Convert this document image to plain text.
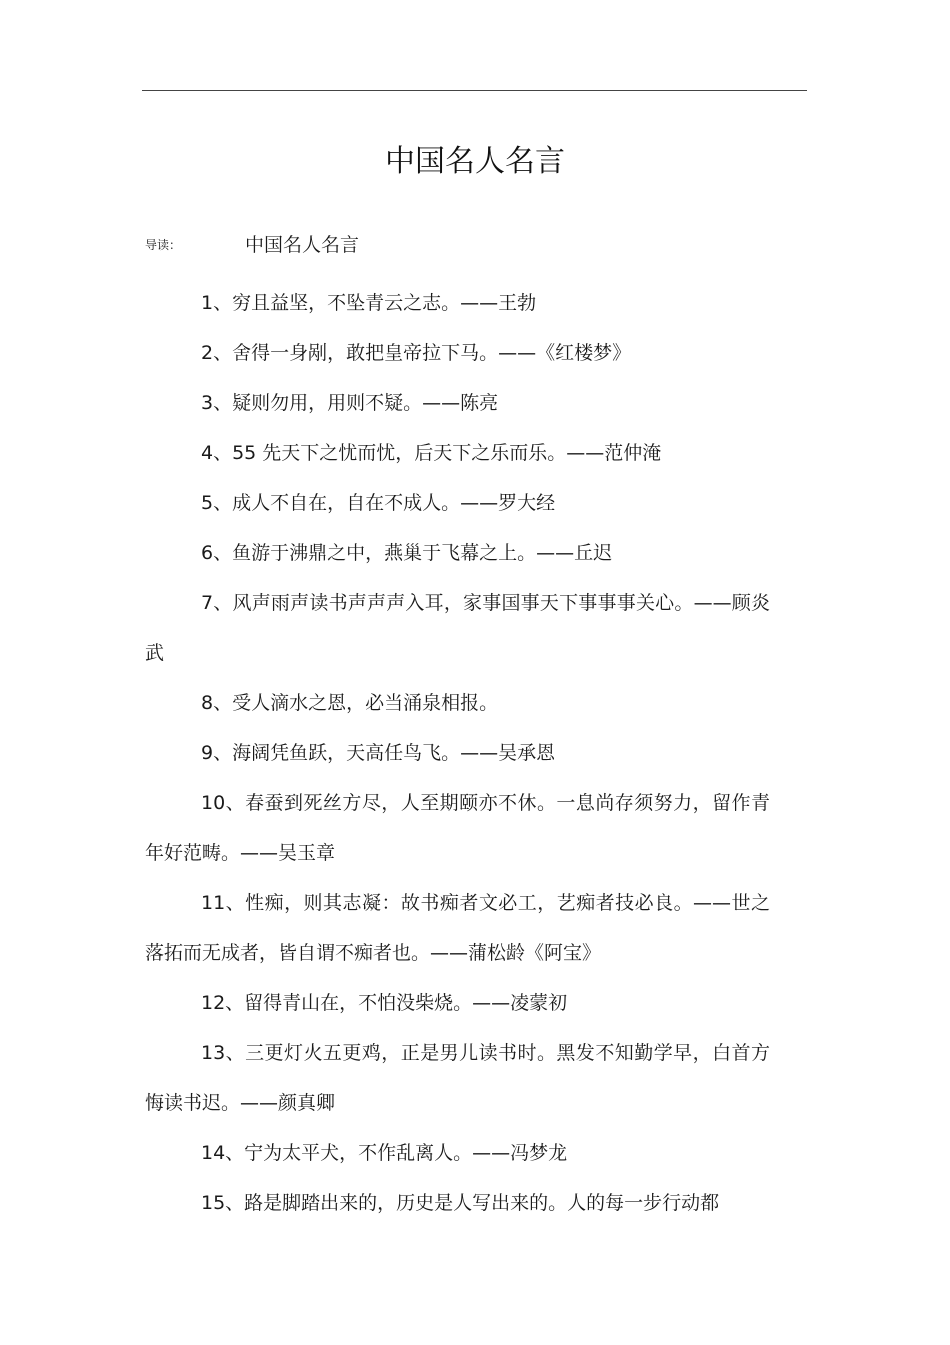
中国名人名言
导读：	中国名人名言

1、穷且益坚，不坠青云之志。——王勃

2、舍得一身剐，敢把皇帝拉下马。——《红楼梦》

3、疑则勿用，用则不疑。——陈亮

4、55 先天下之忧而忧，后天下之乐而乐。——范仲淹

5、成人不自在，自在不成人。——罗大经

6、鱼游于沸鼎之中，燕巢于飞幕之上。——丘迟

7、风声雨声读书声声声入耳，家事国事天下事事事关心。——顾炎武

8、受人滴水之恩，必当涌泉相报。

9、海阔凭鱼跃，天高任鸟飞。——吴承恩

10、春蚕到死丝方尽，人至期颐亦不休。一息尚存须努力，留作青年好范畴。——吴玉章

11、性痴，则其志凝：故书痴者文必工，艺痴者技必良。——世之落拓而无成者，皆自谓不痴者也。——蒲松龄《阿宝》

12、留得青山在，不怕没柴烧。——凌蒙初

13、三更灯火五更鸡，正是男儿读书时。黑发不知勤学早，白首方悔读书迟。——颜真卿

14、宁为太平犬，不作乱离人。——冯梦龙

15、路是脚踏出来的，历史是人写出来的。人的每一步行动都
